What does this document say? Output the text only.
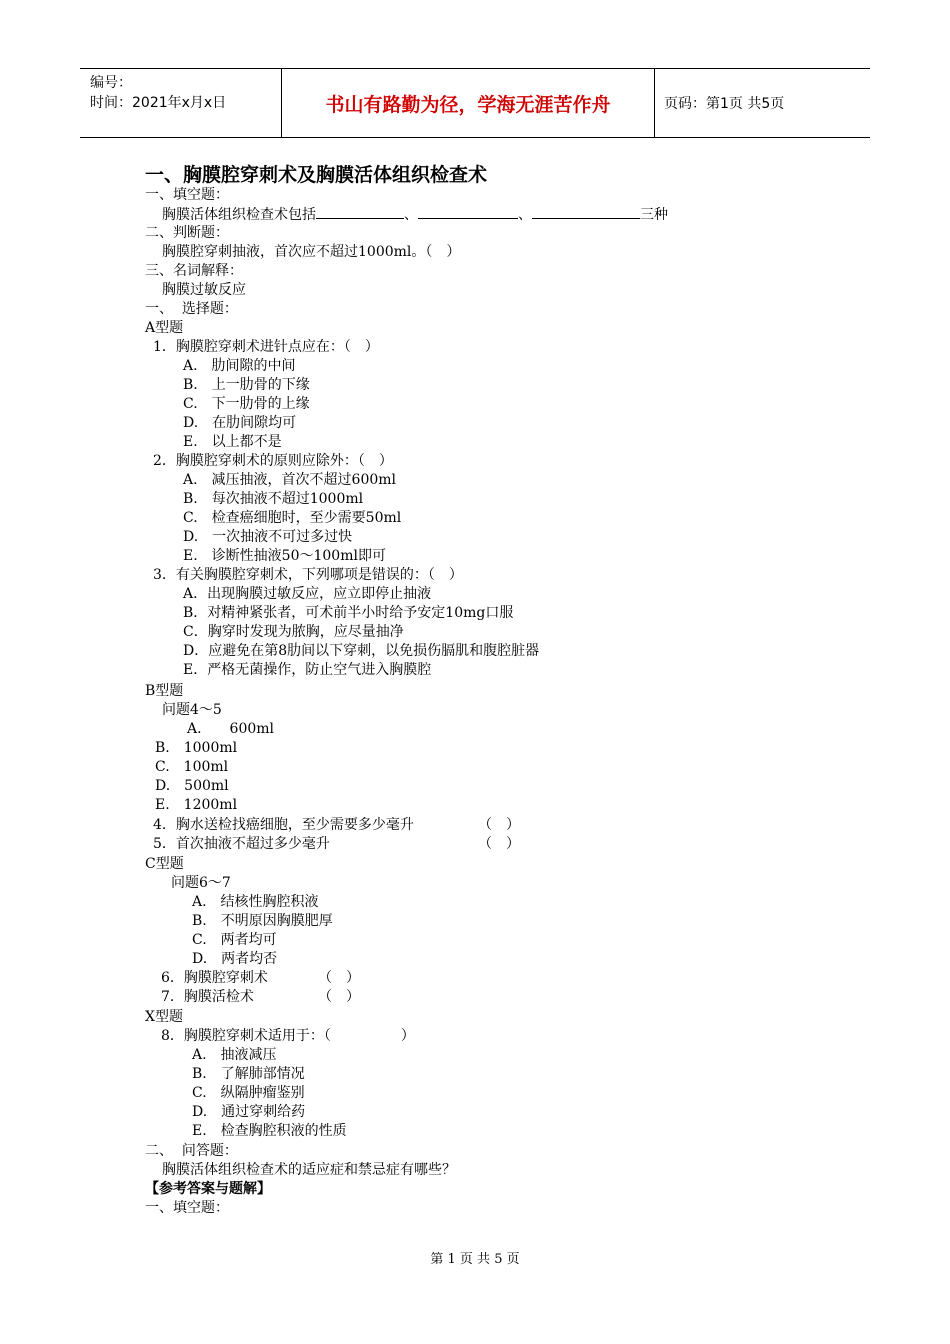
编号：
时间：2021年x月x日	书山有路勤为径，学海无涯苦作舟	页码：第1页 共5页
一、胸膜腔穿刺术及胸膜活体组织检查术
一、填空题：
胸膜活体组织检查术包括	、	、	三种
二、判断题：
胸膜腔穿刺抽液，首次应不超过1000ml。（　）
三、名词解释：
胸膜过敏反应
一、  选择题：
A型题
1．胸膜腔穿刺术进针点应在：（　）
A.　肋间隙的中间
B.　上一肋骨的下缘
C.　下一肋骨的上缘
D.　在肋间隙均可
E.　以上都不是
2．胸膜腔穿刺术的原则应除外：（　）
A.　减压抽液，首次不超过600ml
B.　每次抽液不超过1000ml
C.　检查癌细胞时，至少需要50ml
D.　一次抽液不可过多过快
E.　诊断性抽液50～100ml即可
3．有关胸膜腔穿刺术，下列哪项是错误的：（　）
A．出现胸膜过敏反应，应立即停止抽液
B．对精神紧张者，可术前半小时给予安定10mg口服
C．胸穿时发现为脓胸，应尽量抽净
D．应避免在第8肋间以下穿刺，以免损伤膈肌和腹腔脏器
E．严格无菌操作，防止空气进入胸膜腔
B型题
问题4～5
A.　　600ml
B.　1000ml
C.　100ml
D.　500ml
E.　1200ml
4．胸水送检找癌细胞，至少需要多少毫升	（　）
5．首次抽液不超过多少毫升	（　）
C型题
问题6～7
A.　结核性胸腔积液
B.　不明原因胸膜肥厚
C.　两者均可
D.　两者均否
6．胸膜腔穿刺术	（　）
7．胸膜活检术	（　）
X型题
8．胸膜腔穿刺术适用于：（　　　　　）
A.　抽液减压
B.　了解肺部情况
C.　纵隔肿瘤鉴别
D.　通过穿刺给药
E.　检查胸腔积液的性质
二、  问答题：
胸膜活体组织检查术的适应症和禁忌症有哪些？
【参考答案与题解】
一、填空题：
第 1 页 共 5 页
